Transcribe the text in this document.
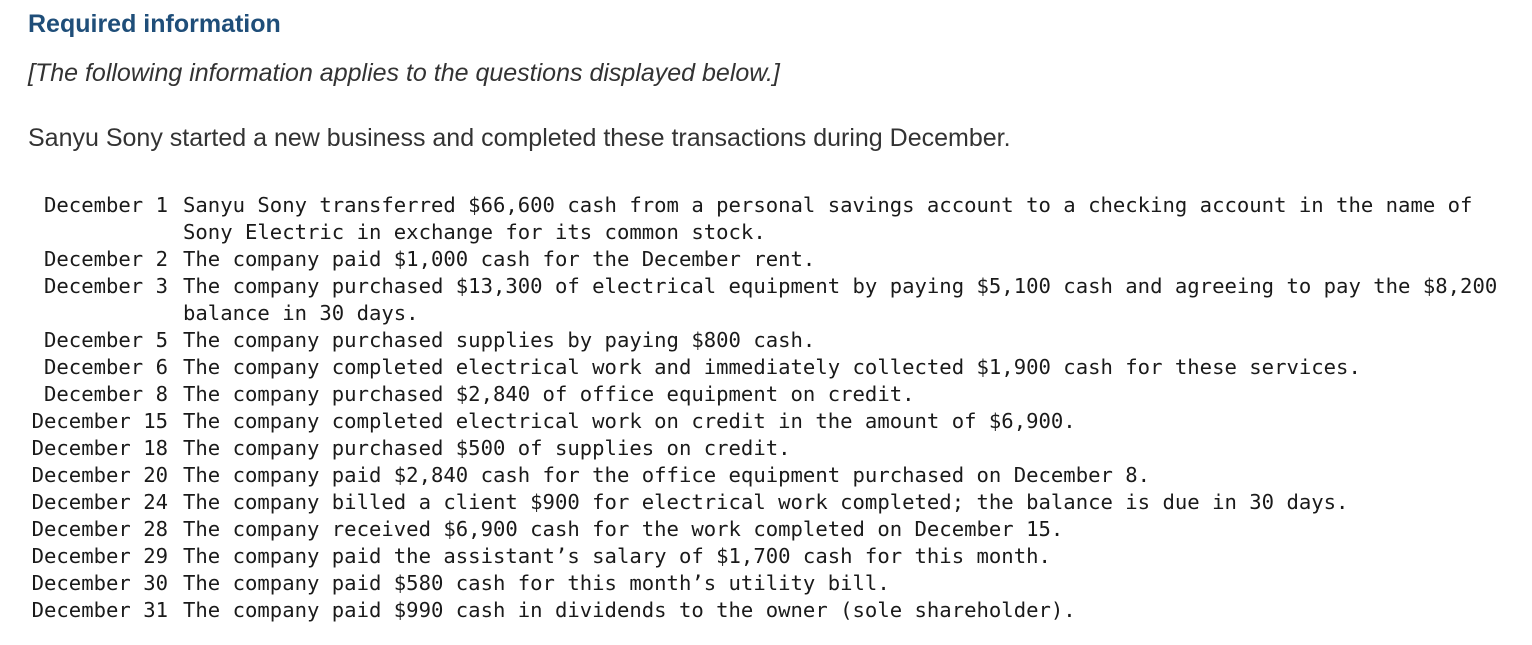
Required information
[The following information applies to the questions displayed below.]
Sanyu Sony started a new business and completed these transactions during December.
December 1 Sanyu Sony transferred $66,600 cash from a personal savings account to a checking account in the name of Sony Electric in exchange for its common stock.
December 2 The company paid $1,000 cash for the December rent.
December 3 The company purchased $13,300 of electrical equipment by paying $5,100 cash and agreeing to pay the $8,200 balance in 30 days.
December 5 The company purchased supplies by paying $800 cash.
December 6 The company completed electrical work and immediately collected $1,900 cash for these services.
December 8 The company purchased $2,840 of office equipment on credit.
December 15 The company completed electrical work on credit in the amount of $6,900.
December 18 The company purchased $500 of supplies on credit.
December 20 The company paid $2,840 cash for the office equipment purchased on December 8.
December 24 The company billed a client $900 for electrical work completed; the balance is due in 30 days.
December 28 The company received $6,900 cash for the work completed on December 15.
December 29 The company paid the assistant’s salary of $1,700 cash for this month.
December 30 The company paid $580 cash for this month’s utility bill.
December 31 The company paid $990 cash in dividends to the owner (sole shareholder).
